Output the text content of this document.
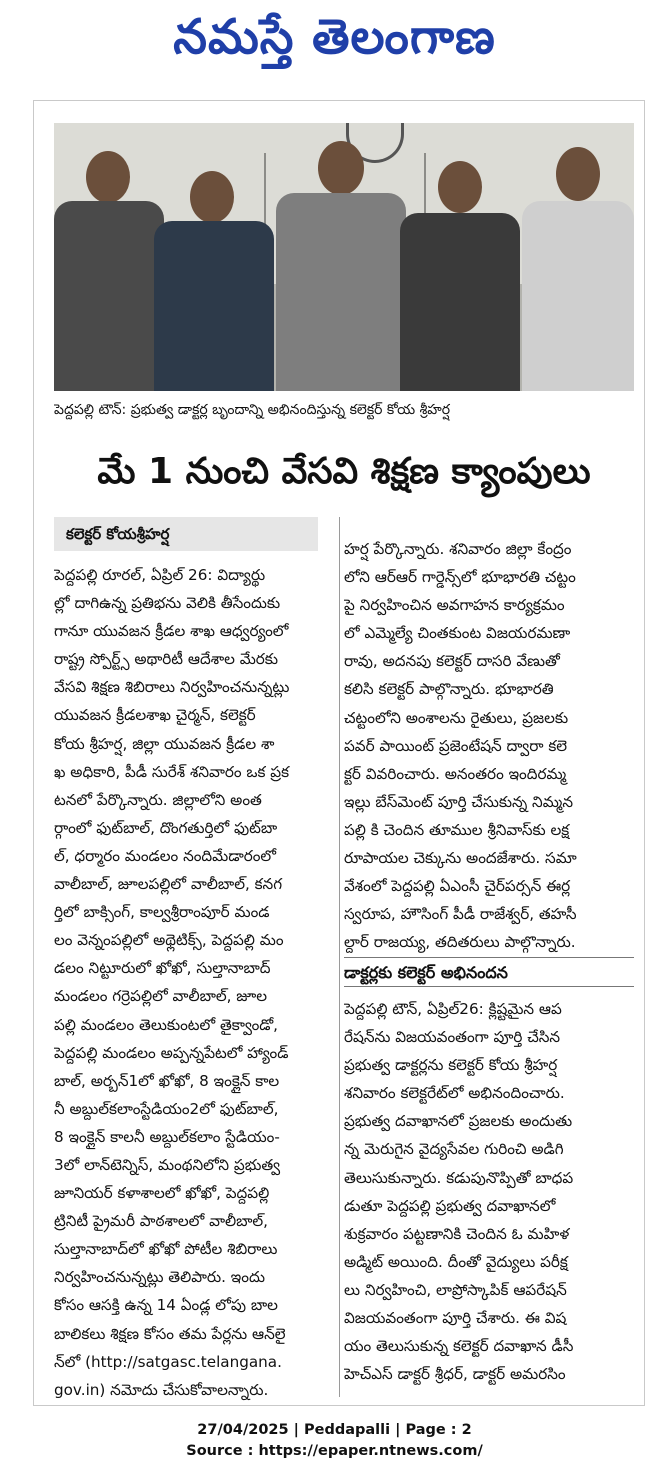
నమస్తే తెలంగాణ
పెద్దపల్లి టౌన్: ప్రభుత్వ డాక్టర్ల బృందాన్ని అభినందిస్తున్న కలెక్టర్ కోయ శ్రీహర్ష
మే 1 నుంచి వేసవి శిక్షణ క్యాంపులు
కలెక్టర్ కోయశ్రీహర్ష
పెద్దపల్లి రూరల్, ఏప్రిల్ 26: విద్యార్థు
ల్లో దాగిఉన్న ప్రతిభను వెలికి తీసేందుకు
గానూ యువజన క్రీడల శాఖ ఆధ్వర్యంలో
రాష్ట్ర స్పోర్ట్స్ అథారిటీ ఆదేశాల మేరకు
వేసవి శిక్షణ శిబిరాలు నిర్వహించనున్నట్లు
యువజన క్రీడలశాఖ చైర్మన్, కలెక్టర్
కోయ శ్రీహర్ష, జిల్లా యువజన క్రీడల శా
ఖ అధికారి, పీడీ సురేశ్ శనివారం ఒక ప్రక
టనలో పేర్కొన్నారు. జిల్లాలోని అంత
ర్గాంలో ఫుట్‌బాల్, దొంగతుర్తిలో ఫుట్‌బా
ల్, ధర్మారం మండలం నందిమేడారంలో
వాలీబాల్, జూలపల్లిలో వాలీబాల్, కనగ
ర్తిలో బాక్సింగ్, కాల్వశ్రీరాంపూర్ మండ
లం వెన్నంపల్లిలో అథ్లెటిక్స్, పెద్దపల్లి మం
డలం నిట్టూరులో ఖోఖో, సుల్తానాబాద్
మండలం గర్రెపల్లిలో వాలీబాల్, జూల
పల్లి మండలం తెలుకుంటలో తైక్వాండో,
పెద్దపల్లి మండలం అప్పన్నపేటలో హ్యాండ్
బాల్, అర్బన్1లో ఖోఖో, 8 ఇంక్లైన్ కాల
నీ అబ్దుల్‌కలాంస్టేడియం2లో ఫుట్‌బాల్,
8 ఇంక్లైన్ కాలనీ అబ్దుల్‌కలాం స్టేడియం-
3లో లాన్‌టెన్నిస్, మంథనిలోని ప్రభుత్వ
జూనియర్ కళాశాలలో ఖోఖో, పెద్దపల్లి
ట్రినిటీ ప్రైమరీ పాఠశాలలో వాలీబాల్,
సుల్తానాబాద్‌లో ఖోఖో పోటీల శిబిరాలు
నిర్వహించనున్నట్లు తెలిపారు. ఇందు
కోసం ఆసక్తి ఉన్న 14 ఏండ్ల లోపు బాల
బాలికలు శిక్షణ కోసం తమ పేర్లను ఆన్‌లై
న్‌లో (http://satgasc.telangana.
gov.in) నమోదు చేసుకోవాలన్నారు.
హర్ష పేర్కొన్నారు. శనివారం జిల్లా కేంద్రం
లోని ఆర్‌ఆర్ గార్డెన్స్‌లో భూభారతి చట్టం
పై నిర్వహించిన అవగాహన కార్యక్రమం
లో ఎమ్మెల్యే చింతకుంట విజయరమణా
రావు, అదనపు కలెక్టర్ దాసరి వేణుతో
కలిసి కలెక్టర్ పాల్గొన్నారు. భూభారతి
చట్టంలోని అంశాలను రైతులు, ప్రజలకు
పవర్ పాయింట్ ప్రజెంటేషన్ ద్వారా కలె
క్టర్ వివరించారు. అనంతరం ఇందిరమ్మ
ఇల్లు బేస్‌మెంట్ పూర్తి చేసుకున్న నిమ్మన
పల్లి కి చెందిన తూముల శ్రీనివాస్‌కు లక్ష
రూపాయల చెక్కును అందజేశారు. సమా
వేశంలో పెద్దపల్లి ఏఎంసీ చైర్‌పర్సన్ ఈర్ల
స్వరూప, హౌసింగ్ పీడీ రాజేశ్వర్, తహసీ
ల్దార్ రాజయ్య, తదితరులు పాల్గొన్నారు.
డాక్టర్లకు కలెక్టర్ అభినందన
పెద్దపల్లి టౌన్, ఏప్రిల్26: క్లిష్టమైన ఆప
రేషన్‌ను విజయవంతంగా పూర్తి చేసిన
ప్రభుత్వ డాక్టర్లను కలెక్టర్ కోయ శ్రీహర్ష
శనివారం కలెక్టరేట్‌లో అభినందించారు.
ప్రభుత్వ దవాఖానలో ప్రజలకు అందుతు
న్న మెరుగైన వైద్యసేవల గురించి అడిగి
తెలుసుకున్నారు. కడుపునొప్పితో బాధప
డుతూ పెద్దపల్లి ప్రభుత్వ దవాఖానలో
శుక్రవారం పట్టణానికి చెందిన ఓ మహిళ
అడ్మిట్ అయింది. దీంతో వైద్యులు పరీక్ష
లు నిర్వహించి, లాప్రోస్కాపిక్ ఆపరేషన్
విజయవంతంగా పూర్తి చేశారు. ఈ విష
యం తెలుసుకున్న కలెక్టర్ దవాఖాన డీసీ
హెచ్ఎస్ డాక్టర్ శ్రీధర్, డాక్టర్ అమరసిం
27/04/2025 | Peddapalli | Page : 2
Source : https://epaper.ntnews.com/
